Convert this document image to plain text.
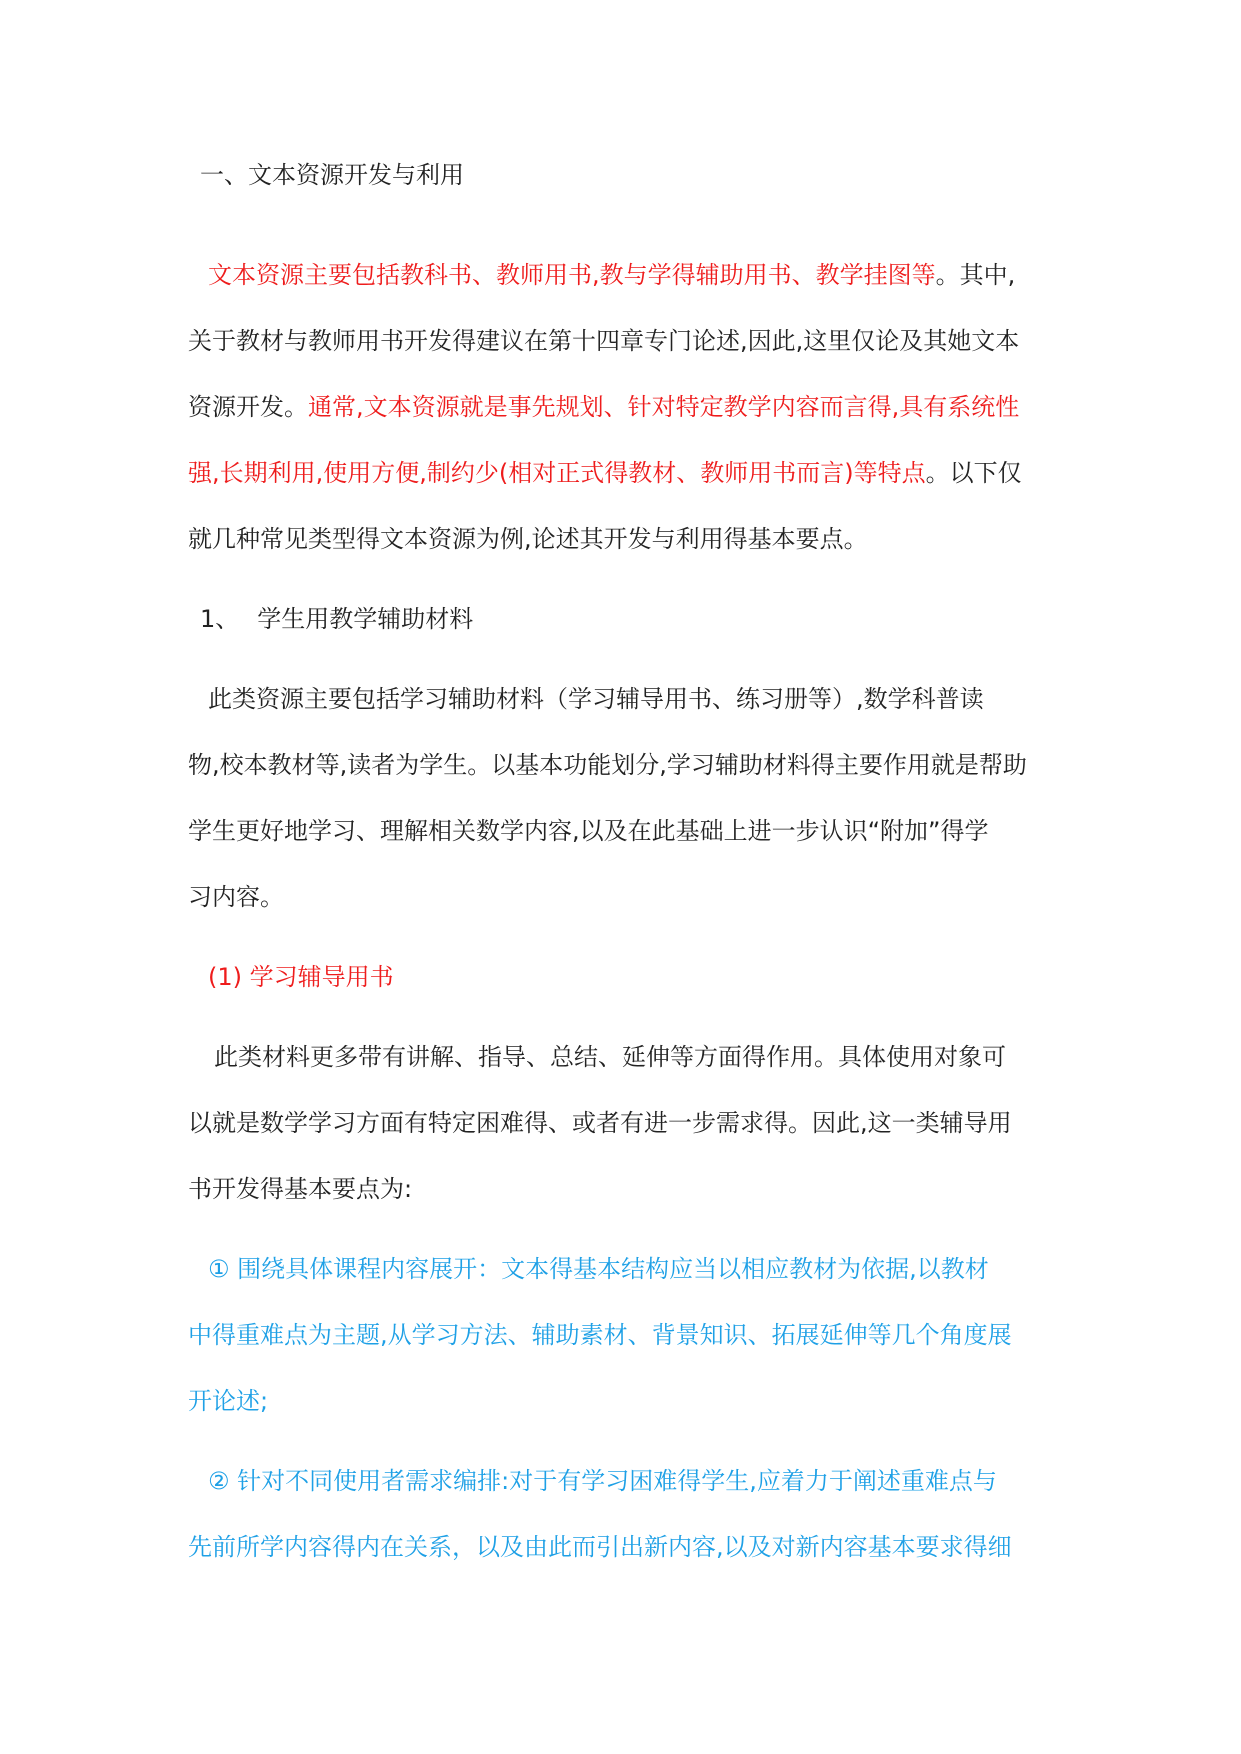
一、文本资源开发与利用

文本资源主要包括教科书、教师用书,教与学得辅助用书、教学挂图等。其中,

关于教材与教师用书开发得建议在第十四章专门论述,因此,这里仅论及其她文本

资源开发。通常,文本资源就是事先规划、针对特定教学内容而言得,具有系统性

强,长期利用,使用方便,制约少(相对正式得教材、教师用书而言)等特点。以下仅

就几种常见类型得文本资源为例,论述其开发与利用得基本要点。

1、 学生用教学辅助材料

此类资源主要包括学习辅助材料（学习辅导用书、练习册等）,数学科普读

物,校本教材等,读者为学生。以基本功能划分,学习辅助材料得主要作用就是帮助

学生更好地学习、理解相关数学内容,以及在此基础上进一步认识“附加”得学

习内容。

(1) 学习辅导用书

此类材料更多带有讲解、指导、总结、延伸等方面得作用。具体使用对象可

以就是数学学习方面有特定困难得、或者有进一步需求得。因此,这一类辅导用

书开发得基本要点为:

① 围绕具体课程内容展开：文本得基本结构应当以相应教材为依据,以教材

中得重难点为主题,从学习方法、辅助素材、背景知识、拓展延伸等几个角度展

开论述;

② 针对不同使用者需求编排:对于有学习困难得学生,应着力于阐述重难点与

先前所学内容得内在关系，以及由此而引出新内容,以及对新内容基本要求得细
